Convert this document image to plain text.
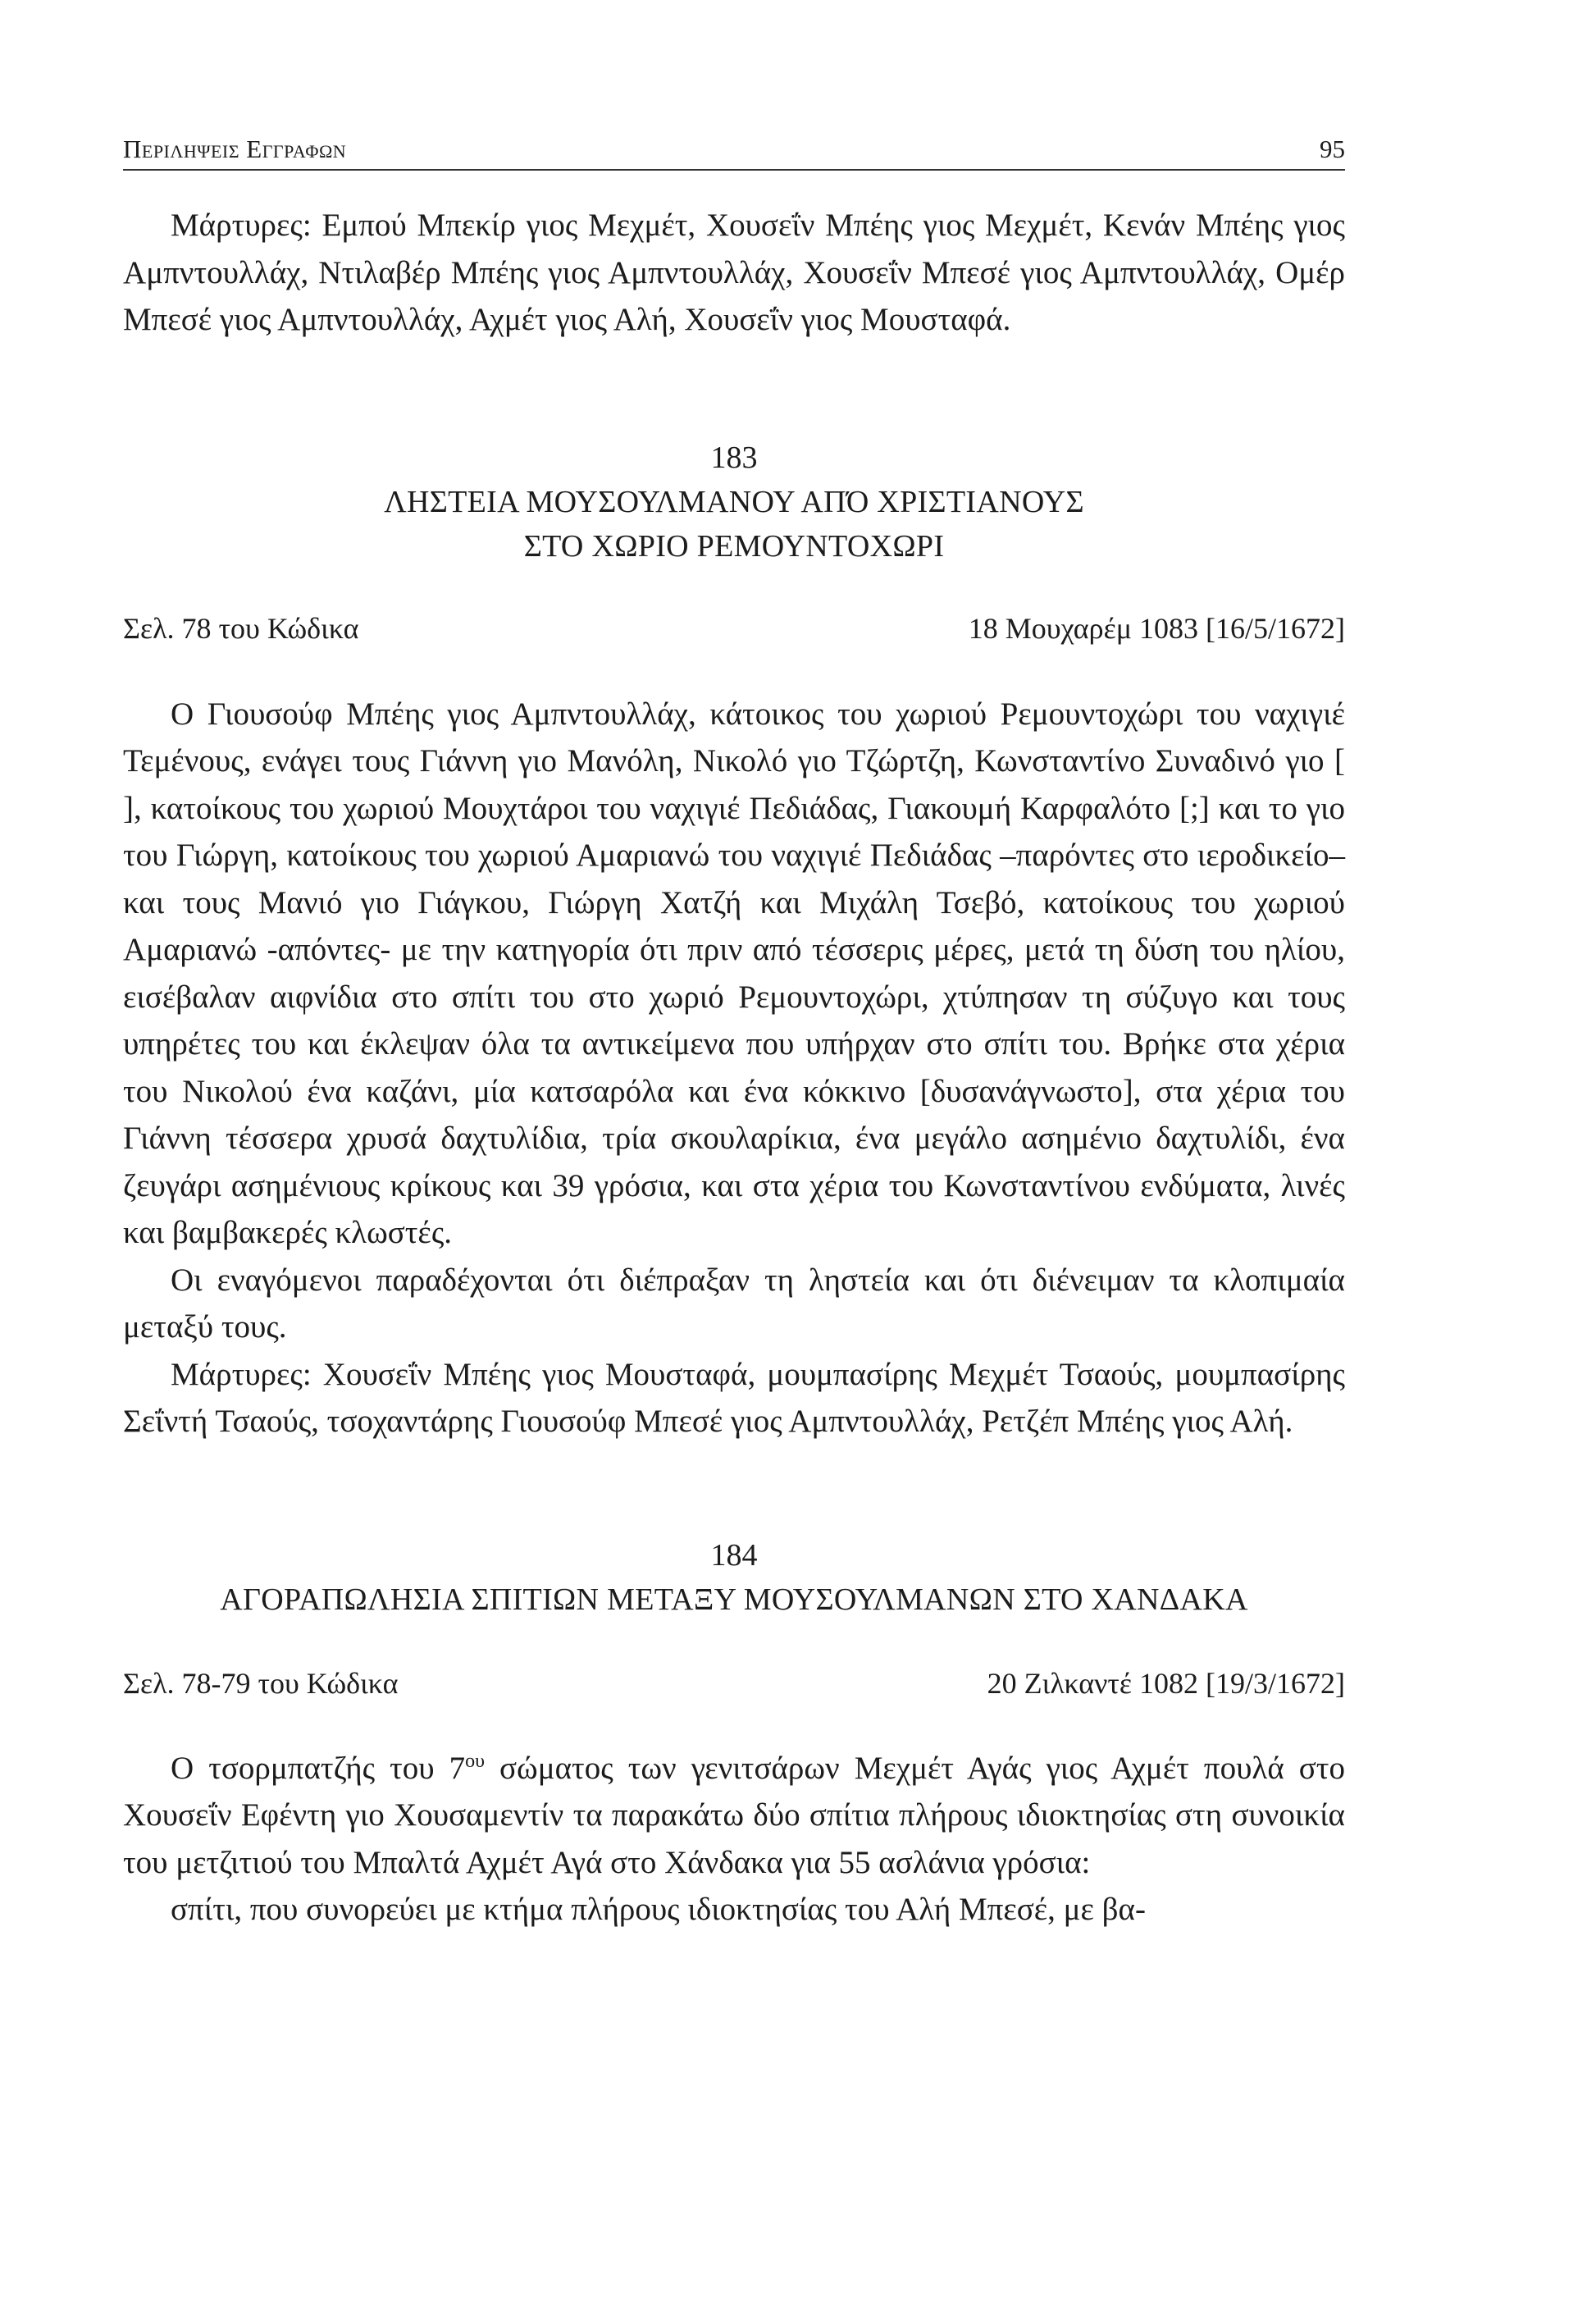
Περιληψεισ Εγγραφων	95

Μάρτυρες: Εμπού Μπεκίρ γιος Μεχμέτ, Χουσεΐν Μπέης γιος Μεχμέτ, Κενάν Μπέης γιος Αμπντουλλάχ, Ντιλαβέρ Μπέης γιος Αμπντουλλάχ, Χουσεΐν Μπεσέ γιος Αμπντουλλάχ, Ομέρ Μπεσέ γιος Αμπντουλλάχ, Αχμέτ γιος Αλή, Χουσεΐν γιος Μουσταφά.

183
ΛΗΣΤΕΙΑ ΜΟΥΣΟΥΛΜΑΝΟΥ ΑΠΌ ΧΡΙΣΤΙΑΝΟΥΣ
ΣΤΟ ΧΩΡΙΟ ΡΕΜΟΥΝΤΟΧΩΡΙ
Σελ. 78 του Κώδικα	18 Μουχαρέμ 1083 [16/5/1672]

Ο Γιουσούφ Μπέης γιος Αμπντουλλάχ, κάτοικος του χωριού Ρεμουντοχώρι του ναχιγιέ Τεμένους, ενάγει τους Γιάννη γιο Μανόλη, Νικολό γιο Τζώρτζη, Κωνσταντίνο Συναδινό γιο [ ], κατοίκους του χωριού Μουχτάροι του ναχιγιέ Πεδιάδας, Γιακουμή Καρφαλότο [;] και το γιο του Γιώργη, κατοίκους του χωριού Αμαριανώ του ναχιγιέ Πεδιάδας –παρόντες στο ιεροδικείο– και τους Μανιό γιο Γιάγκου, Γιώργη Χατζή και Μιχάλη Τσεβό, κατοίκους του χωριού Αμαριανώ -απόντες- με την κατηγορία ότι πριν από τέσσερις μέρες, μετά τη δύση του ηλίου, εισέβαλαν αιφνίδια στο σπίτι του στο χωριό Ρεμουντοχώρι, χτύπησαν τη σύζυγο και τους υπηρέτες του και έκλεψαν όλα τα αντικείμενα που υπήρχαν στο σπίτι του. Βρήκε στα χέρια του Νικολού ένα καζάνι, μία κατσαρόλα και ένα κόκκινο [δυσανάγνωστο], στα χέρια του Γιάννη τέσσερα χρυσά δαχτυλίδια, τρία σκουλαρίκια, ένα μεγάλο ασημένιο δαχτυλίδι, ένα ζευγάρι ασημένιους κρίκους και 39 γρόσια, και στα χέρια του Κωνσταντίνου ενδύματα, λινές και βαμβακερές κλωστές.

Οι εναγόμενοι παραδέχονται ότι διέπραξαν τη ληστεία και ότι διένειμαν τα κλοπιμαία μεταξύ τους.

Μάρτυρες: Χουσεΐν Μπέης γιος Μουσταφά, μουμπασίρης Μεχμέτ Τσαούς, μουμπασίρης Σεΐντή Τσαούς, τσοχαντάρης Γιουσούφ Μπεσέ γιος Αμπντουλλάχ, Ρετζέπ Μπέης γιος Αλή.

184
ΑΓΟΡΑΠΩΛΗΣΙΑ ΣΠΙΤΙΩΝ ΜΕΤΑΞΥ ΜΟΥΣΟΥΛΜΑΝΩΝ ΣΤΟ ΧΑΝΔΑΚΑ
Σελ. 78-79 του Κώδικα	20 Ζιλκαντέ 1082 [19/3/1672]

Ο τσορμπατζής του $7^{o\upsilon}$ σώματος των γενιτσάρων Μεχμέτ Αγάς γιος Αχμέτ πουλά στο Χουσεΐν Εφέντη γιο Χουσαμεντίν τα παρακάτω δύο σπίτια πλήρους ιδιοκτησίας στη συνοικία του μετζιτιού του Μπαλτά Αχμέτ Αγά στο Χάνδακα για 55 ασλάνια γρόσια:

σπίτι, που συνορεύει με κτήμα πλήρους ιδιοκτησίας του Αλή Μπεσέ, με βα-
